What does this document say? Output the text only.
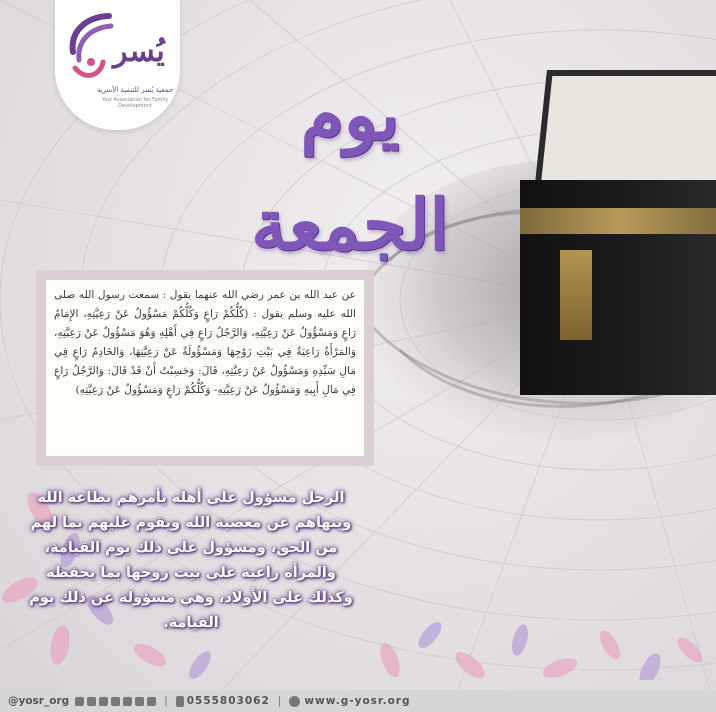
يُسر
جمعية يُسر للتنمية الأسرية
Yosr Association for Family Development	يوم الجمعة
عن عبد الله بن عمر رضي الله عنهما يقول : سمعت رسول الله صلى الله عليه وسلم يقول : (كُلُّكُمْ رَاعٍ وَكُلُّكُمْ مَسْؤُولٌ عَنْ رَعِيَّتِهِ، الإِمَامُ رَاعٍ وَمَسْؤُولٌ عَنْ رَعِيَّتِهِ، وَالرَّجُلُ رَاعٍ فِي أَهْلِهِ وَهُوَ مَسْؤُولٌ عَنْ رَعِيَّتِهِ، وَالمَرْأَةُ رَاعِيَةٌ فِي بَيْتِ زَوْجِهَا وَمَسْؤُولَةٌ عَنْ رَعِيَّتِهَا، وَالخَادِمُ رَاعٍ فِي مَالِ سَيِّدِهِ وَمَسْؤُولٌ عَنْ رَعِيَّتِهِ، قَالَ: وَحَسِبْتُ أَنْ قَدْ قَالَ: وَالرَّجُلُ رَاعٍ فِي مَالِ أَبِيهِ وَمَسْؤُولٌ عَنْ رَعِيَّتِهِ- وَكُلُّكُمْ رَاعٍ وَمَسْؤُولٌ عَنْ رَعِيَّتِهِ)
الرجل مسؤول على أهله يأمرهم بطاعة الله وينهاهم عن معصية الله ويقوم عليهم بما لهم من الحق، ومسؤول على ذلك يوم القيامة، والمرأة راعية على بيت زوجها بما يحفظه وكذلك على الأولاد، وهي مسؤولة عن ذلك يوم القيامة.
@yosr_org	| 0555803062 | www.g-yosr.org
